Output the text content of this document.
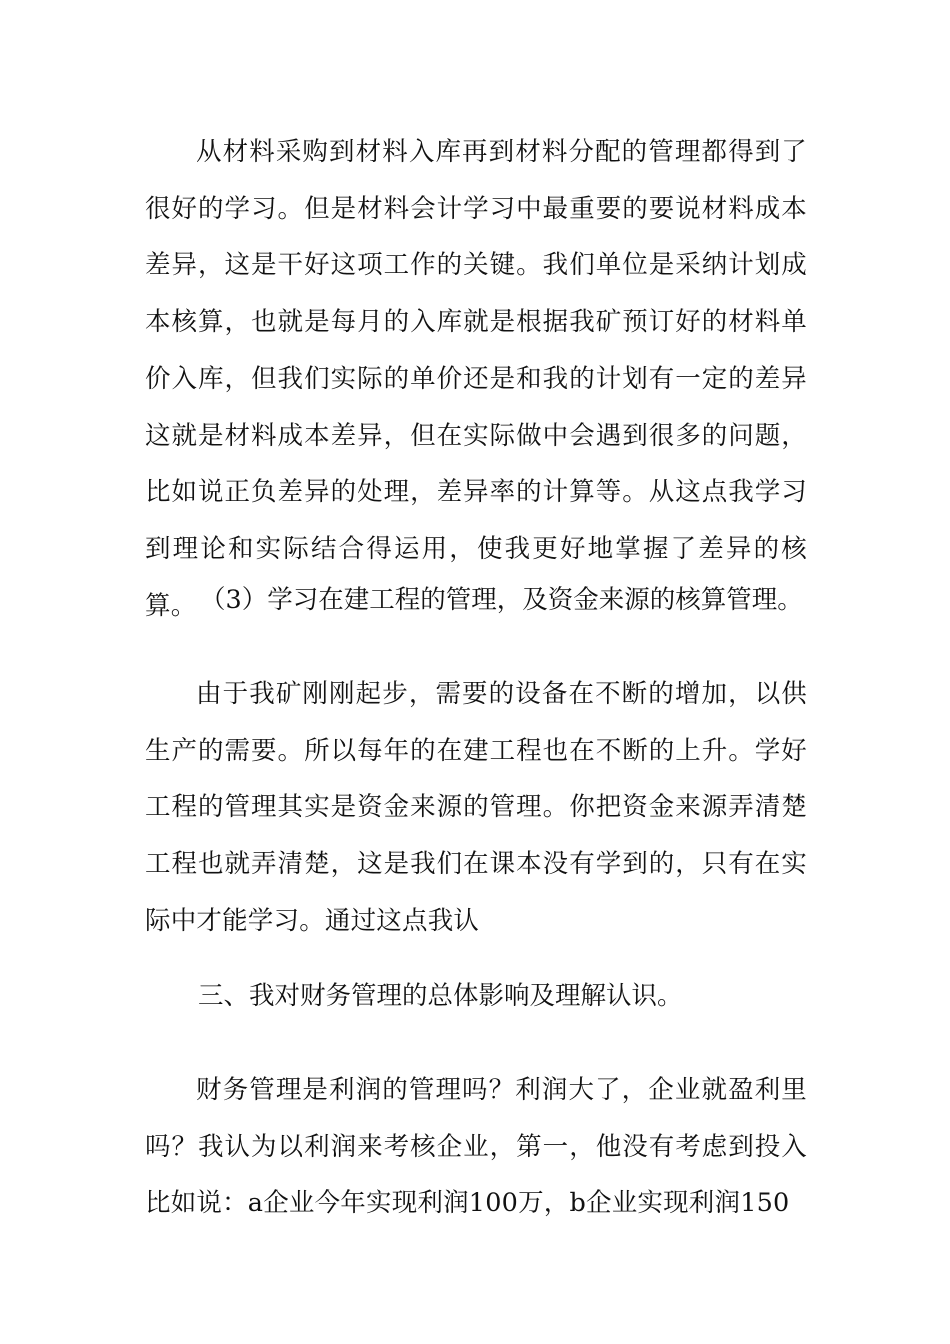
从材料采购到材料入库再到材料分配的管理都得到了很好的学习。但是材料会计学习中最重要的要说材料成本差异，这是干好这项工作的关键。我们单位是采纳计划成本核算，也就是每月的入库就是根据我矿预订好的材料单价入库，但我们实际的单价还是和我的计划有一定的差异这就是材料成本差异，但在实际做中会遇到很多的问题，比如说正负差异的处理，差异率的计算等。从这点我学习到理论和实际结合得运用，使我更好地掌握了差异的核算。 （3）学习在建工程的管理，及资金来源的核算管理。

由于我矿刚刚起步，需要的设备在不断的增加，以供生产的需要。所以每年的在建工程也在不断的上升。学好工程的管理其实是资金来源的管理。你把资金来源弄清楚工程也就弄清楚，这是我们在课本没有学到的，只有在实际中才能学习。通过这点我认

三、我对财务管理的总体影响及理解认识。

财务管理是利润的管理吗？利润大了，企业就盈利里吗？我认为以利润来考核企业，第一，他没有考虑到投入比如说：a企业今年实现利润100万，b企业实现利润150
